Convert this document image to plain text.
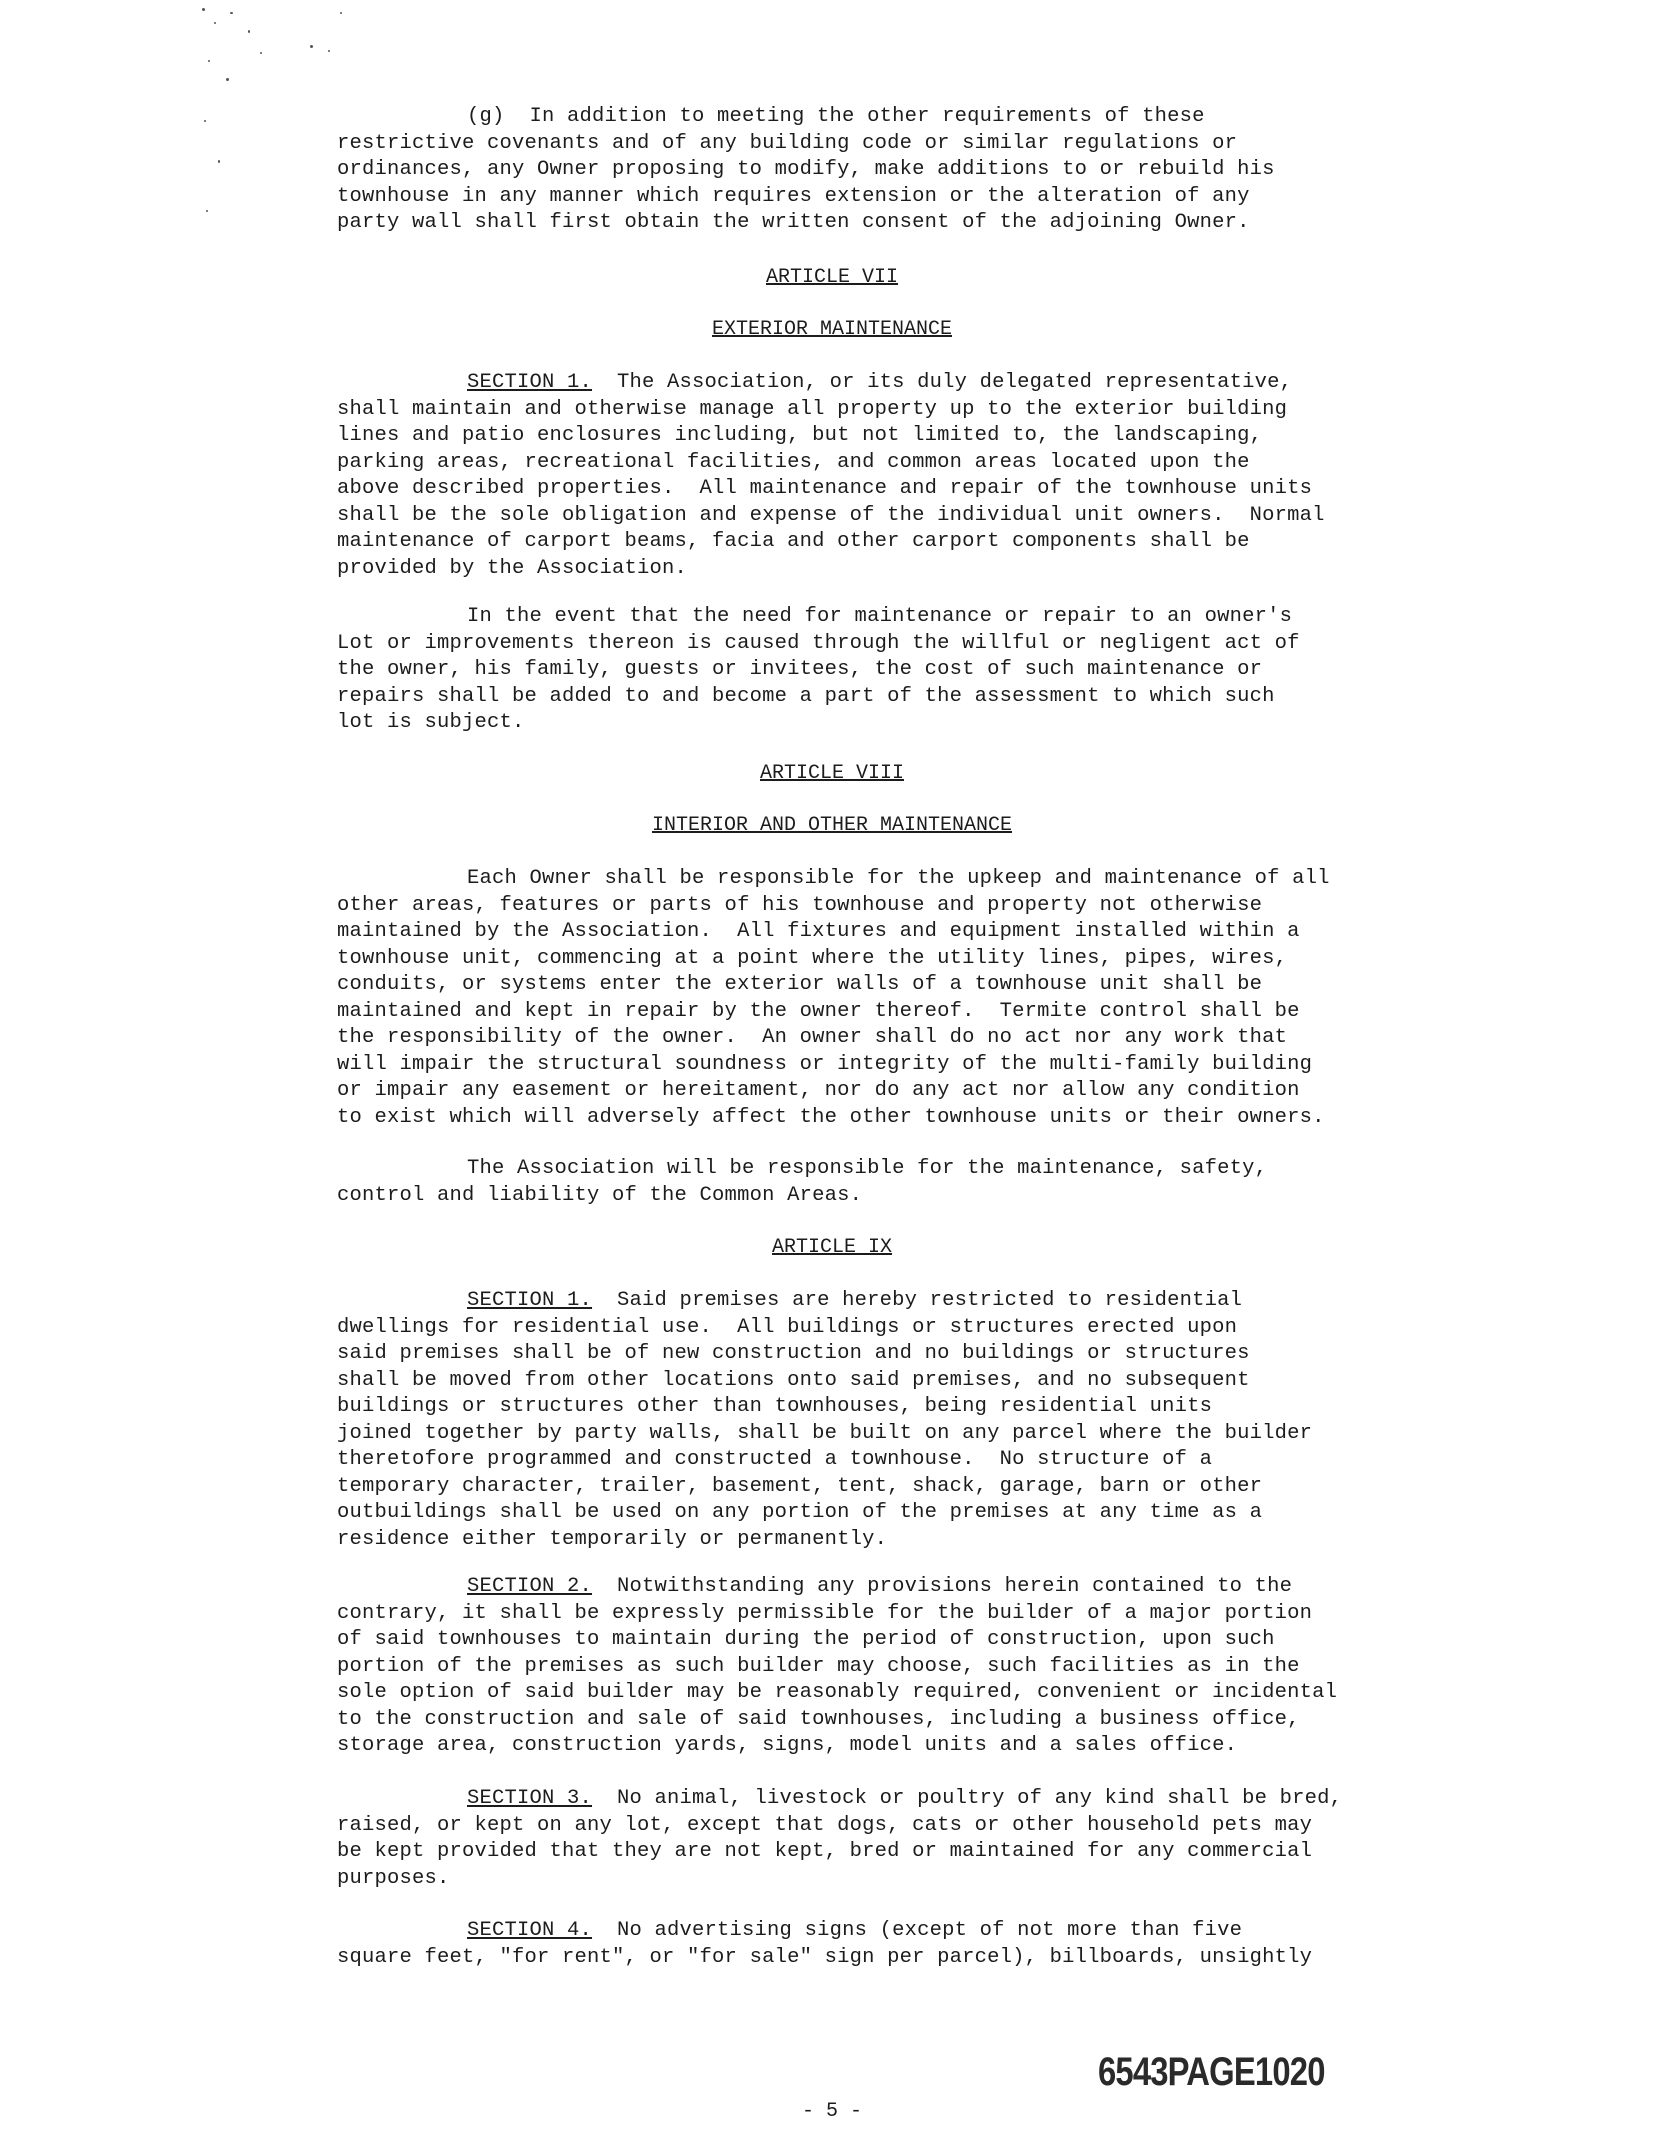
(g)  In addition to meeting the other requirements of these

restrictive covenants and of any building code or similar regulations or

ordinances, any Owner proposing to modify, make additions to or rebuild his

townhouse in any manner which requires extension or the alteration of any

party wall shall first obtain the written consent of the adjoining Owner.

ARTICLE VII
EXTERIOR MAINTENANCE

SECTION 1.  The Association, or its duly delegated representative,

shall maintain and otherwise manage all property up to the exterior building

lines and patio enclosures including, but not limited to, the landscaping,

parking areas, recreational facilities, and common areas located upon the

above described properties.  All maintenance and repair of the townhouse units

shall be the sole obligation and expense of the individual unit owners.  Normal

maintenance of carport beams, facia and other carport components shall be

provided by the Association.

In the event that the need for maintenance or repair to an owner's

Lot or improvements thereon is caused through the willful or negligent act of

the owner, his family, guests or invitees, the cost of such maintenance or

repairs shall be added to and become a part of the assessment to which such

lot is subject.

ARTICLE VIII
INTERIOR AND OTHER MAINTENANCE

Each Owner shall be responsible for the upkeep and maintenance of all

other areas, features or parts of his townhouse and property not otherwise

maintained by the Association.  All fixtures and equipment installed within a

townhouse unit, commencing at a point where the utility lines, pipes, wires,

conduits, or systems enter the exterior walls of a townhouse unit shall be

maintained and kept in repair by the owner thereof.  Termite control shall be

the responsibility of the owner.  An owner shall do no act nor any work that

will impair the structural soundness or integrity of the multi-family building

or impair any easement or hereitament, nor do any act nor allow any condition

to exist which will adversely affect the other townhouse units or their owners.

The Association will be responsible for the maintenance, safety,

control and liability of the Common Areas.

ARTICLE IX

SECTION 1.  Said premises are hereby restricted to residential

dwellings for residential use.  All buildings or structures erected upon

said premises shall be of new construction and no buildings or structures

shall be moved from other locations onto said premises, and no subsequent

buildings or structures other than townhouses, being residential units

joined together by party walls, shall be built on any parcel where the builder

theretofore programmed and constructed a townhouse.  No structure of a

temporary character, trailer, basement, tent, shack, garage, barn or other

outbuildings shall be used on any portion of the premises at any time as a

residence either temporarily or permanently.

SECTION 2.  Notwithstanding any provisions herein contained to the

contrary, it shall be expressly permissible for the builder of a major portion

of said townhouses to maintain during the period of construction, upon such

portion of the premises as such builder may choose, such facilities as in the

sole option of said builder may be reasonably required, convenient or incidental

to the construction and sale of said townhouses, including a business office,

storage area, construction yards, signs, model units and a sales office.

SECTION 3.  No animal, livestock or poultry of any kind shall be bred,

raised, or kept on any lot, except that dogs, cats or other household pets may

be kept provided that they are not kept, bred or maintained for any commercial

purposes.

SECTION 4.  No advertising signs (except of not more than five

square feet, "for rent", or "for sale" sign per parcel), billboards, unsightly

6543PAGE1020
- 5 -
